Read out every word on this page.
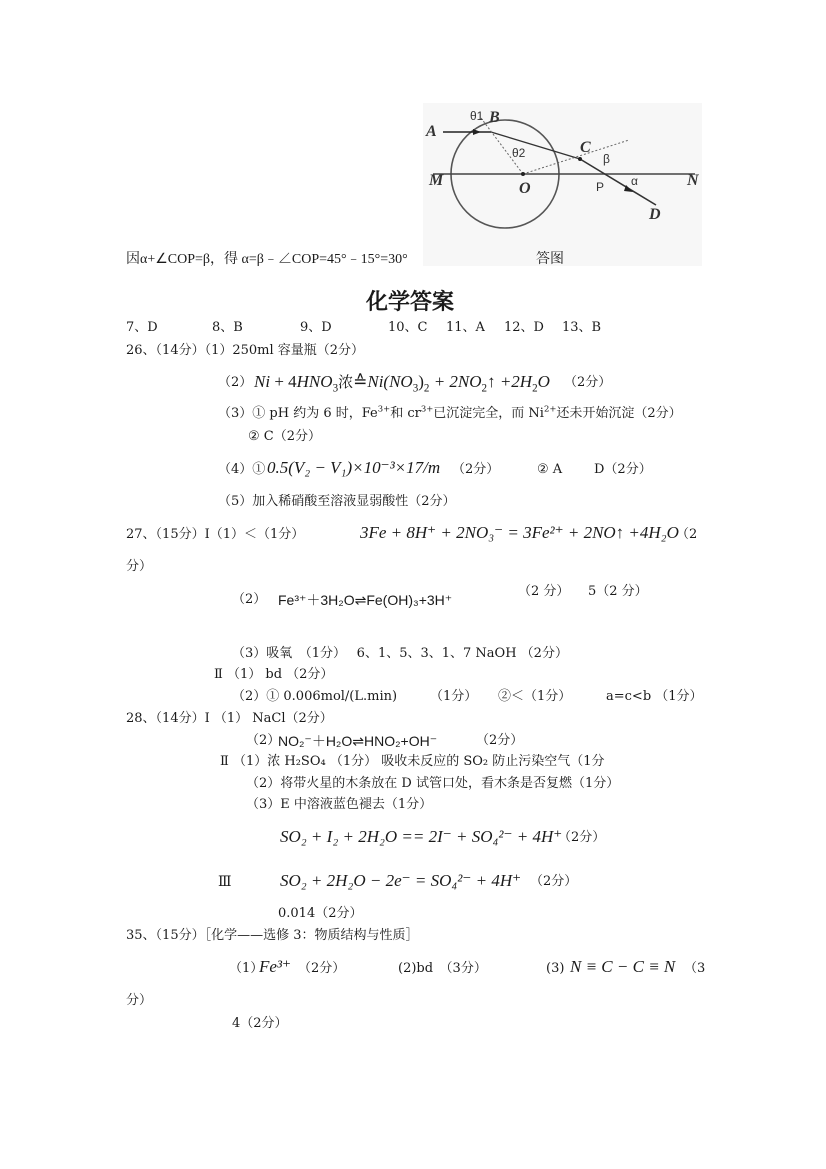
A
θ1 B
θ2	C
β
M	O	P α	N
D
答图
因α+∠COP=β，得 α=β﹣∠COP=45°﹣15°=30°
化学答案
7、D	8、B	9、D	10、C 11、A 12、D 13、B
26、（14分）（1）250ml 容量瓶（2分）
（2） $Ni + 4HNO_3$浓$≙Ni(NO_3)_2$ + $2NO_2↑ +2H_2O$ （2分）
（3）① pH 约为 6 时，$Fe^{3+}$和 $cr^{3+}$已沉淀完全，而 $Ni^{2+}$还未开始沉淀（2分）
② C（2分）
（4）① 0.5(V₂ − V₁)×10⁻³×17/m （2分）	② A D（2分）
（5）加入稀硝酸至溶液显弱酸性（2分）
27、（15分）Ⅰ（1）＜（1分）	3Fe + 8H⁺ + 2NO₃⁻ = 3Fe²⁺ + 2NO↑ +4H₂O
（2
分）
（2） Fe³⁺＋3H₂O⇌Fe(OH)₃+3H⁺
（2 分） 5（2 分）
（3）吸氧　（1分）　 6、1、5、3、1、7 NaOH （2分）
Ⅱ （1） bd （2分）
（2）① 0.006mol/(L.min)	（1分） ②＜（1分）	a=c<b （1分）
28、（14分）Ⅰ （1） NaCl（2分）
（2）
NO₂⁻＋H₂O⇌HNO₂+OH⁻	（2分）
Ⅱ （1）浓 H₂SO₄ （1分） 吸收未反应的 SO₂ 防止污染空气（1分
（2）将带火星的木条放在 D 试管口处，看木条是否复燃（1分）
（3）E 中溶液蓝色褪去（1分）
SO₂ + I₂ + 2H₂O == 2I⁻ + SO₄²⁻ + 4H⁺
（2分）
Ⅲ	SO₂ + 2H₂O − 2e⁻ = SO₄²⁻ + 4H⁺ （2分）
0.014（2分）
35、（15分）［化学——选修 3：物质结构与性质］
（1）
Fe³⁺ （2分）	(2)bd　（3分）	(3) N ≡ C − C ≡ N （3
分）
4（2分）
